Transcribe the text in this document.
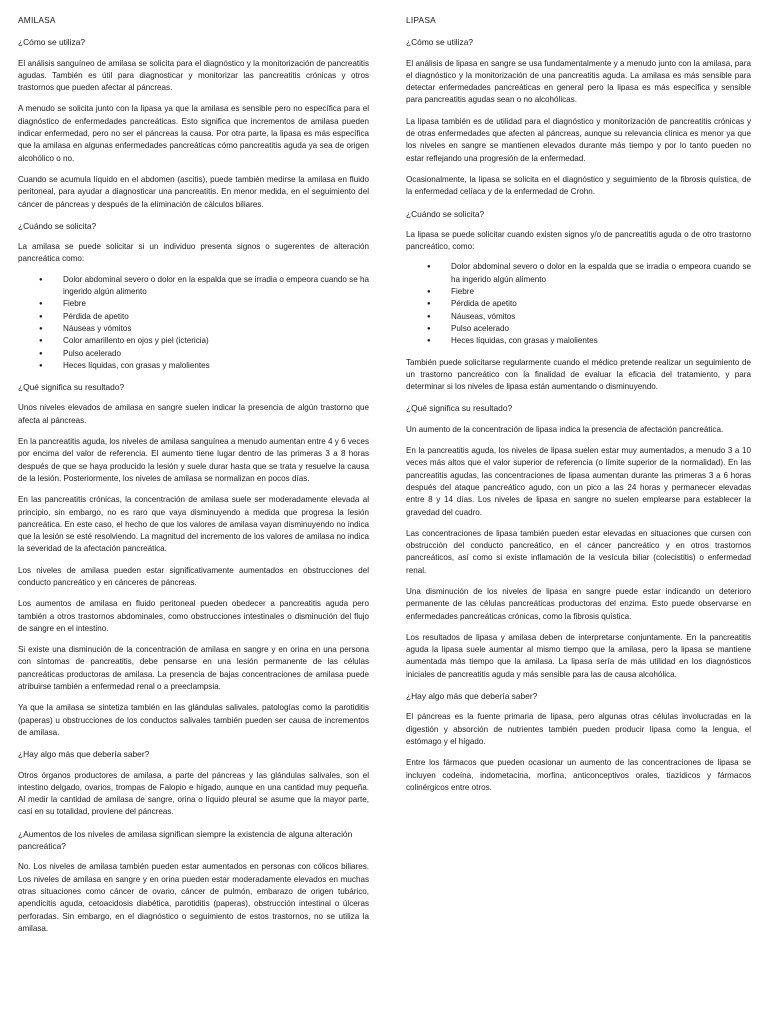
AMILASA
¿Cómo se utiliza?

El análisis sanguíneo de amilasa se solicita para el diagnóstico y la monitorización de pancreatitis agudas. También es útil para diagnosticar y monitorizar las pancreatitis crónicas y otros trastornos que pueden afectar al páncreas.

A menudo se solicita junto con la lipasa ya que la amilasa es sensible pero no específica para el diagnóstico de enfermedades pancreáticas. Esto significa que incrementos de amilasa pueden indicar enfermedad, pero no ser el páncreas la causa. Por otra parte, la lipasa es más específica que la amilasa en algunas enfermedades pancreáticas cómo pancreatitis aguda ya sea de origen alcohólico o no.

Cuando se acumula líquido en el abdomen (ascitis), puede también medirse la amilasa en fluido peritoneal, para ayudar a diagnosticar una pancreatitis. En menor medida, en el seguimiento del cáncer de páncreas y después de la eliminación de cálculos biliares.

¿Cuándo se solicita?

La amilasa se puede solicitar si un individuo presenta signos o sugerentes de alteración pancreática como:

● Dolor abdominal severo o dolor en la espalda que se irradia o empeora cuando se ha ingerido algún alimento
● Fiebre
● Pérdida de apetito
● Náuseas y vómitos
● Color amarillento en ojos y piel (ictericia)
● Pulso acelerado
● Heces líquidas, con grasas y malolientes
¿Qué significa su resultado?

Unos niveles elevados de amilasa en sangre suelen indicar la presencia de algún trastorno que afecta al páncreas.

En la pancreatitis aguda, los niveles de amilasa sanguínea a menudo aumentan entre 4 y 6 veces por encima del valor de referencia. El aumento tiene lugar dentro de las primeras 3 a 8 horas después de que se haya producido la lesión y suele durar hasta que se trata y resuelve la causa de la lesión. Posteriormente, los niveles de amilasa se normalizan en pocos días.

En las pancreatitis crónicas, la concentración de amilasa suele ser moderadamente elevada al principio, sin embargo, no es raro que vaya disminuyendo a medida que progresa la lesión pancreática. En este caso, el hecho de que los valores de amilasa vayan disminuyendo no indica que la lesión se esté resolviendo. La magnitud del incremento de los valores de amilasa no indica la severidad de la afectación pancreática.

Los niveles de amilasa pueden estar significativamente aumentados en obstrucciones del conducto pancreático y en cánceres de páncreas.

Los aumentos de amilasa en fluido peritoneal pueden obedecer a pancreatitis aguda pero también a otros trastornos abdominales, como obstrucciones intestinales o disminución del flujo de sangre en el intestino.

Si existe una disminución de la concentración de amilasa en sangre y en orina en una persona con síntomas de pancreatitis, debe pensarse en una lesión permanente de las células pancreáticas productoras de amilasa. La presencia de bajas concentraciones de amilasa puede atribuirse también a enfermedad renal o a preeclampsia.

Ya que la amilasa se sintetiza también en las glándulas salivales, patologías como la parotiditis (paperas) u obstrucciones de los conductos salivales también pueden ser causa de incrementos de amilasa.

¿Hay algo más que debería saber?

Otros órganos productores de amilasa, a parte del páncreas y las glándulas salivales, son el intestino delgado, ovarios, trompas de Falopio e hígado, aunque en una cantidad muy pequeña. Al medir la cantidad de amilasa de sangre, orina o líquido pleural se asume que la mayor parte, casi en su totalidad, proviene del páncreas.

¿Aumentos de los niveles de amilasa significan siempre la existencia de alguna alteración pancreática?

No. Los niveles de amilasa también pueden estar aumentados en personas con cólicos biliares. Los niveles de amilasa en sangre y en orina pueden estar moderadamente elevados en muchas otras situaciones como cáncer de ovario, cáncer de pulmón, embarazo de origen tubárico, apendicitis aguda, cetoacidosis diabética, parotiditis (paperas), obstrucción intestinal o úlceras perforadas. Sin embargo, en el diagnóstico o seguimiento de estos trastornos, no se utiliza la amilasa.

LIPASA
¿Cómo se utiliza?

El análisis de lipasa en sangre se usa fundamentalmente y a menudo junto con la amilasa, para el diagnóstico y la monitorización de una pancreatitis aguda. La amilasa es más sensible para detectar enfermedades pancreáticas en general pero la lipasa es más específica y sensible para pancreatitis agudas sean o no alcohólicas.

La lipasa también es de utilidad para el diagnóstico y monitorización de pancreatitis crónicas y de otras enfermedades que afecten al páncreas, aunque su relevancia clínica es menor ya que los niveles en sangre se mantienen elevados durante más tiempo y por lo tanto pueden no estar reflejando una progresión de la enfermedad.

Ocasionalmente, la lipasa se solicita en el diagnóstico y seguimiento de la fibrosis quística, de la enfermedad celíaca y de la enfermedad de Crohn.

¿Cuándo se solicita?

La lipasa se puede solicitar cuando existen signos y/o de pancreatitis aguda o de otro trastorno pancreático, como:

● Dolor abdominal severo o dolor en la espalda que se irradia o empeora cuando se ha ingerido algún alimento
● Fiebre
● Pérdida de apetito
● Náuseas, vómitos
● Pulso acelerado
● Heces líquidas, con grasas y malolientes

También puede solicitarse regularmente cuando el médico pretende realizar un seguimiento de un trastorno pancreático con la finalidad de evaluar la eficacia del tratamiento, y para determinar si los niveles de lipasa están aumentando o disminuyendo.

¿Qué significa su resultado?

Un aumento de la concentración de lipasa indica la presencia de afectación pancreática.

En la pancreatitis aguda, los niveles de lipasa suelen estar muy aumentados, a menudo 3 a 10 veces más altos que el valor superior de referencia (o límite superior de la normalidad). En las pancreatitis agudas, las concentraciones de lipasa aumentan durante las primeras 3 a 6 horas después del ataque pancreático agudo, con un pico a las 24 horas y permanecer elevadas entre 8 y 14 días. Los niveles de lipasa en sangre no suelen emplearse para establecer la gravedad del cuadro.

Las concentraciones de lipasa también pueden estar elevadas en situaciones que cursen con obstrucción del conducto pancreático, en el cáncer pancreático y en otros trastornos pancreáticos, así como si existe inflamación de la vesícula biliar (colecistitis) o enfermedad renal.

Una disminución de los niveles de lipasa en sangre puede estar indicando un deterioro permanente de las células pancreáticas productoras del enzima. Esto puede observarse en enfermedades pancreáticas crónicas, como la fibrosis quística.

Los resultados de lipasa y amilasa deben de interpretarse conjuntamente. En la pancreatitis aguda la lipasa suele aumentar al mismo tiempo que la amilasa, pero la lipasa se mantiene aumentada más tiempo que la amilasa. La lipasa sería de más utilidad en los diagnósticos iniciales de pancreatitis aguda y más sensible para las de causa alcohólica.

¿Hay algo más que debería saber?

El páncreas es la fuente primaria de lipasa, pero algunas otras células involucradas en la digestión y absorción de nutrientes también pueden producir lipasa como la lengua, el estómago y el hígado.

Entre los fármacos que pueden ocasionar un aumento de las concentraciones de lipasa se incluyen codeína, indometacina, morfina, anticonceptivos orales, tiazídicos y fármacos colinérgicos entre otros.
